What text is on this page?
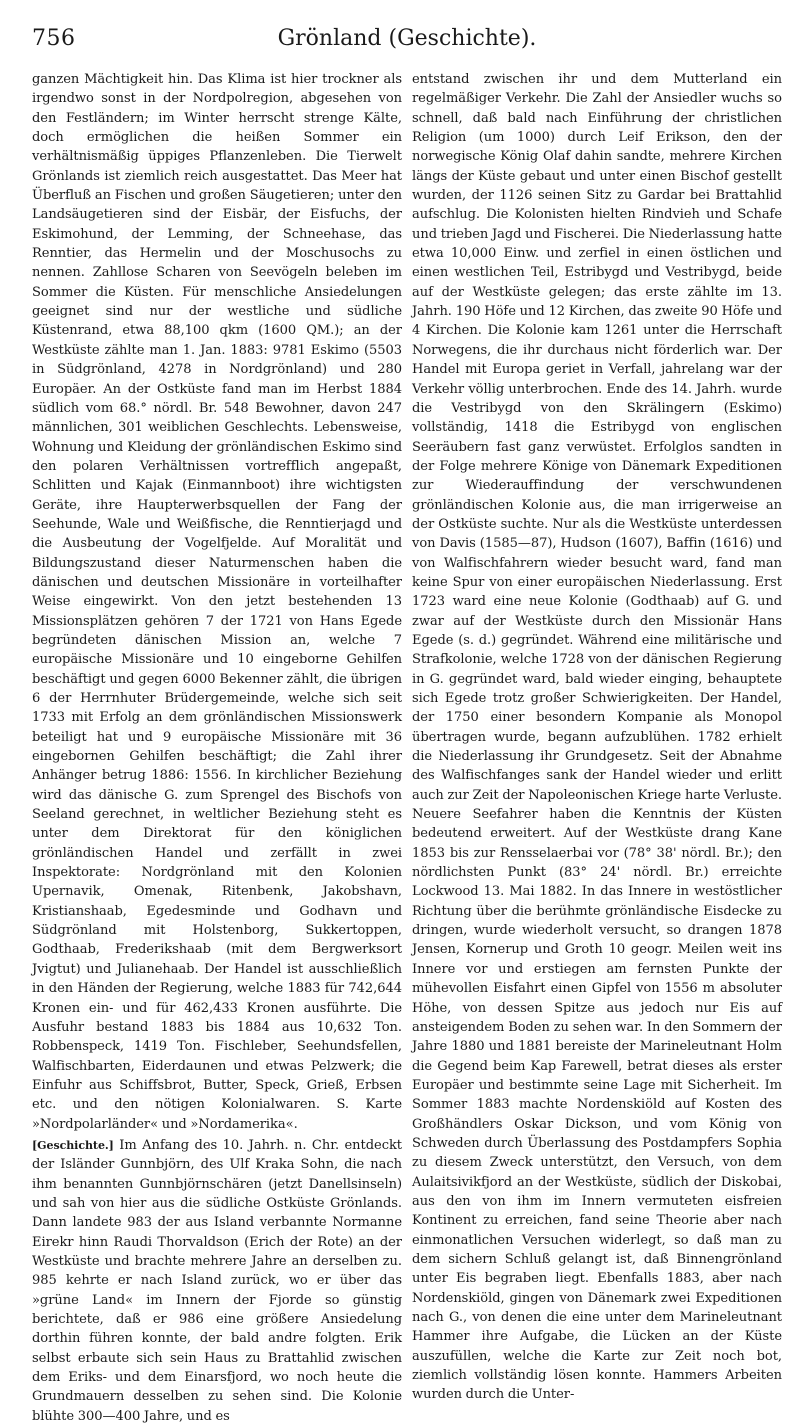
756	Grönland (Geschichte).

ganzen Mächtigkeit hin. Das Klima ist hier trockner als irgendwo sonst in der Nordpolregion, abgesehen von den Festländern; im Winter herrscht strenge Kälte, doch ermöglichen die heißen Sommer ein verhältnismäßig üppiges Pflanzenleben. Die Tierwelt Grönlands ist ziemlich reich ausgestattet. Das Meer hat Überfluß an Fischen und großen Säugetieren; unter den Landsäugetieren sind der Eisbär, der Eisfuchs, der Eskimohund, der Lemming, der Schneehase, das Renntier, das Hermelin und der Moschusochs zu nennen. Zahllose Scharen von Seevögeln beleben im Sommer die Küsten. Für menschliche Ansiedelungen geeignet sind nur der westliche und südliche Küstenrand, etwa 88,100 qkm (1600 QM.); an der Westküste zählte man 1. Jan. 1883: 9781 Eskimo (5503 in Südgrönland, 4278 in Nordgrönland) und 280 Europäer. An der Ostküste fand man im Herbst 1884 südlich vom 68.° nördl. Br. 548 Bewohner, davon 247 männlichen, 301 weiblichen Geschlechts. Lebensweise, Wohnung und Kleidung der grönländischen Eskimo sind den polaren Verhältnissen vortrefflich angepaßt, Schlitten und Kajak (Einmannboot) ihre wichtigsten Geräte, ihre Haupterwerbsquellen der Fang der Seehunde, Wale und Weißfische, die Renntierjagd und die Ausbeutung der Vogelfjelde. Auf Moralität und Bildungszustand dieser Naturmenschen haben die dänischen und deutschen Missionäre in vorteilhafter Weise eingewirkt. Von den jetzt bestehenden 13 Missionsplätzen gehören 7 der 1721 von Hans Egede begründeten dänischen Mission an, welche 7 europäische Missionäre und 10 eingeborne Gehilfen beschäftigt und gegen 6000 Bekenner zählt, die übrigen 6 der Herrnhuter Brüdergemeinde, welche sich seit 1733 mit Erfolg an dem grönländischen Missionswerk beteiligt hat und 9 europäische Missionäre mit 36 eingebornen Gehilfen beschäftigt; die Zahl ihrer Anhänger betrug 1886: 1556. In kirchlicher Beziehung wird das dänische G. zum Sprengel des Bischofs von Seeland gerechnet, in weltlicher Beziehung steht es unter dem Direktorat für den königlichen grönländischen Handel und zerfällt in zwei Inspektorate: Nordgrönland mit den Kolonien Upernavik, Omenak, Ritenbenk, Jakobshavn, Kristianshaab, Egedesminde und Godhavn und Südgrönland mit Holstenborg, Sukkertoppen, Godthaab, Frederikshaab (mit dem Bergwerksort Jvigtut) und Julianehaab. Der Handel ist ausschließlich in den Händen der Regierung, welche 1883 für 742,644 Kronen ein- und für 462,433 Kronen ausführte. Die Ausfuhr bestand 1883 bis 1884 aus 10,632 Ton. Robbenspeck, 1419 Ton. Fischleber, Seehundsfellen, Walfischbarten, Eiderdaunen und etwas Pelzwerk; die Einfuhr aus Schiffsbrot, Butter, Speck, Grieß, Erbsen etc. und den nötigen Kolonialwaren. S. Karte »Nordpolarländer« und »Nordamerika«.

[Geschichte.] Im Anfang des 10. Jahrh. n. Chr. entdeckt der Isländer Gunnbjörn, des Ulf Kraka Sohn, die nach ihm benannten Gunnbjörnschären (jetzt Danellsinseln) und sah von hier aus die südliche Ostküste Grönlands. Dann landete 983 der aus Island verbannte Normanne Eirekr hinn Raudi Thorvaldson (Erich der Rote) an der Westküste und brachte mehrere Jahre an derselben zu. 985 kehrte er nach Island zurück, wo er über das »grüne Land« im Innern der Fjorde so günstig berichtete, daß er 986 eine größere Ansiedelung dorthin führen konnte, der bald andre folgten. Erik selbst erbaute sich sein Haus zu Brattahlid zwischen dem Eriks- und dem Einarsfjord, wo noch heute die Grundmauern desselben zu sehen sind. Die Kolonie blühte 300—400 Jahre, und es

entstand zwischen ihr und dem Mutterland ein regelmäßiger Verkehr. Die Zahl der Ansiedler wuchs so schnell, daß bald nach Einführung der christlichen Religion (um 1000) durch Leif Erikson, den der norwegische König Olaf dahin sandte, mehrere Kirchen längs der Küste gebaut und unter einen Bischof gestellt wurden, der 1126 seinen Sitz zu Gardar bei Brattahlid aufschlug. Die Kolonisten hielten Rindvieh und Schafe und trieben Jagd und Fischerei. Die Niederlassung hatte etwa 10,000 Einw. und zerfiel in einen östlichen und einen westlichen Teil, Estribygd und Vestribygd, beide auf der Westküste gelegen; das erste zählte im 13. Jahrh. 190 Höfe und 12 Kirchen, das zweite 90 Höfe und 4 Kirchen. Die Kolonie kam 1261 unter die Herrschaft Norwegens, die ihr durchaus nicht förderlich war. Der Handel mit Europa geriet in Verfall, jahrelang war der Verkehr völlig unterbrochen. Ende des 14. Jahrh. wurde die Vestribygd von den Skrälingern (Eskimo) vollständig, 1418 die Estribygd von englischen Seeräubern fast ganz verwüstet. Erfolglos sandten in der Folge mehrere Könige von Dänemark Expeditionen zur Wiederauffindung der verschwundenen grönländischen Kolonie aus, die man irrigerweise an der Ostküste suchte. Nur als die Westküste unterdessen von Davis (1585—87), Hudson (1607), Baffin (1616) und von Walfischfahrern wieder besucht ward, fand man keine Spur von einer europäischen Niederlassung. Erst 1723 ward eine neue Kolonie (Godthaab) auf G. und zwar auf der Westküste durch den Missionär Hans Egede (s. d.) gegründet. Während eine militärische und Strafkolonie, welche 1728 von der dänischen Regierung in G. gegründet ward, bald wieder einging, behauptete sich Egede trotz großer Schwierigkeiten. Der Handel, der 1750 einer besondern Kompanie als Monopol übertragen wurde, begann aufzublühen. 1782 erhielt die Niederlassung ihr Grundgesetz. Seit der Abnahme des Walfischfanges sank der Handel wieder und erlitt auch zur Zeit der Napoleonischen Kriege harte Verluste. Neuere Seefahrer haben die Kenntnis der Küsten bedeutend erweitert. Auf der Westküste drang Kane 1853 bis zur Rensselaerbai vor (78° 38' nördl. Br.); den nördlichsten Punkt (83° 24' nördl. Br.) erreichte Lockwood 13. Mai 1882. In das Innere in westöstlicher Richtung über die berühmte grönländische Eisdecke zu dringen, wurde wiederholt versucht, so drangen 1878 Jensen, Kornerup und Groth 10 geogr. Meilen weit ins Innere vor und erstiegen am fernsten Punkte der mühevollen Eisfahrt einen Gipfel von 1556 m absoluter Höhe, von dessen Spitze aus jedoch nur Eis auf ansteigendem Boden zu sehen war. In den Sommern der Jahre 1880 und 1881 bereiste der Marineleutnant Holm die Gegend beim Kap Farewell, betrat dieses als erster Europäer und bestimmte seine Lage mit Sicherheit. Im Sommer 1883 machte Nordenskiöld auf Kosten des Großhändlers Oskar Dickson, und vom König von Schweden durch Überlassung des Postdampfers Sophia zu diesem Zweck unterstützt, den Versuch, von dem Aulaitsivikfjord an der Westküste, südlich der Diskobai, aus den von ihm im Innern vermuteten eisfreien Kontinent zu erreichen, fand seine Theorie aber nach einmonatlichen Versuchen widerlegt, so daß man zu dem sichern Schluß gelangt ist, daß Binnengrönland unter Eis begraben liegt. Ebenfalls 1883, aber nach Nordenskiöld, gingen von Dänemark zwei Expeditionen nach G., von denen die eine unter dem Marineleutnant Hammer ihre Aufgabe, die Lücken an der Küste auszufüllen, welche die Karte zur Zeit noch bot, ziemlich vollständig lösen konnte. Hammers Arbeiten wurden durch die Unter-
